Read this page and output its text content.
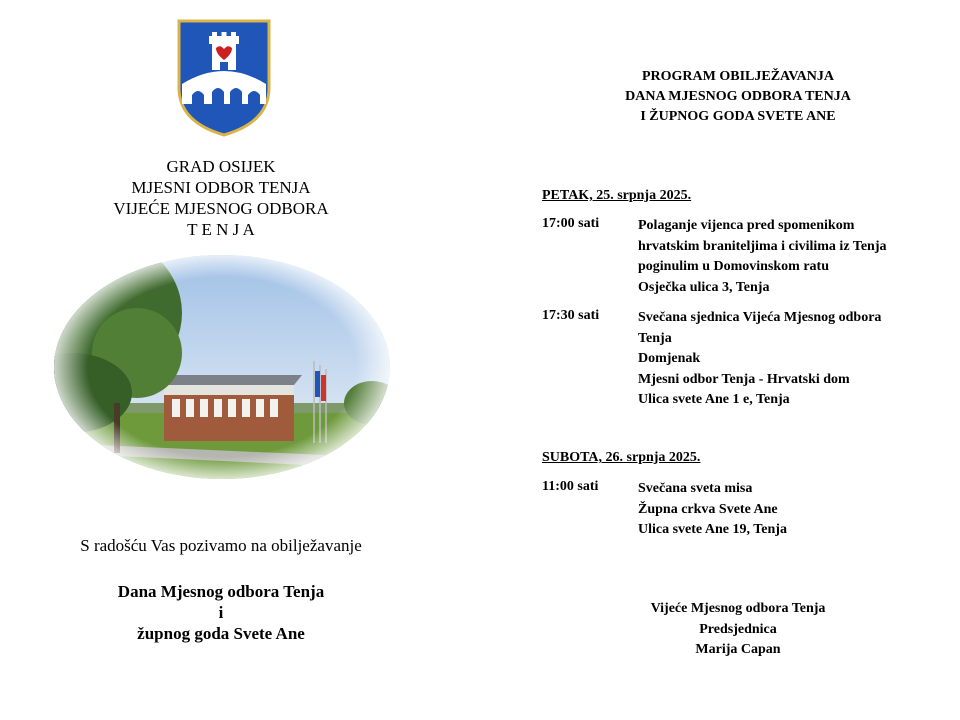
GRAD OSIJEK
MJESNI ODBOR TENJA
VIJEĆE MJESNOG ODBORA
T E N J A
S radošću Vas pozivamo na obilježavanje
Dana Mjesnog odbora Tenja
i
župnog goda Svete Ane
PROGRAM OBILJEŽAVANJA
DANA MJESNOG ODBORA TENJA
I ŽUPNOG GODA SVETE ANE
PETAK, 25. srpnja 2025.
17:00 sati	Polaganje vijenca pred spomenikom
hrvatskim braniteljima i civilima iz Tenja
poginulim u Domovinskom ratu
Osječka ulica 3, Tenja
17:30 sati	Svečana sjednica Vijeća Mjesnog odbora
Tenja
Domjenak
Mjesni odbor Tenja - Hrvatski dom
Ulica svete Ane 1 e, Tenja
SUBOTA, 26. srpnja 2025.
11:00 sati	Svečana sveta misa
Župna crkva Svete Ane
Ulica svete Ane 19, Tenja
Vijeće Mjesnog odbora Tenja
Predsjednica
Marija Capan
